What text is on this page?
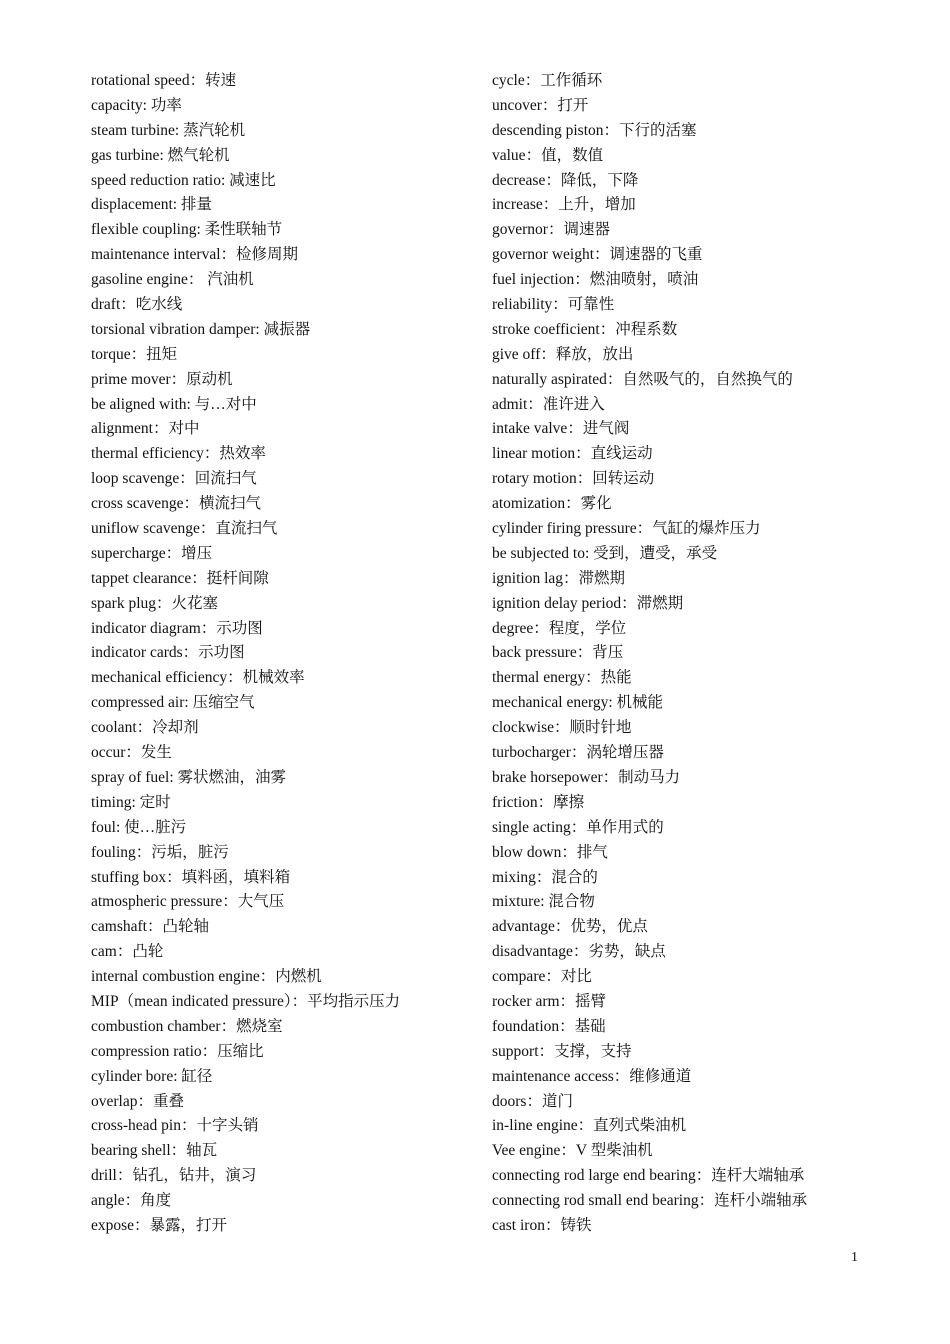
rotational speed：转速
capacity: 功率
steam turbine: 蒸汽轮机
gas turbine: 燃气轮机
speed reduction ratio: 减速比
displacement: 排量
flexible coupling: 柔性联轴节
maintenance interval：检修周期
gasoline engine： 汽油机
draft：吃水线
torsional vibration damper: 减振器
torque：扭矩
prime mover：原动机
be aligned with: 与…对中
alignment：对中
thermal efficiency：热效率
loop scavenge：回流扫气
cross scavenge：横流扫气
uniflow scavenge：直流扫气
supercharge：增压
tappet clearance：挺杆间隙
spark plug：火花塞
indicator diagram：示功图
indicator cards：示功图
mechanical efficiency：机械效率
compressed air: 压缩空气
coolant：冷却剂
occur：发生
spray of fuel: 雾状燃油，油雾
timing: 定时
foul: 使…脏污
fouling：污垢，脏污
stuffing box：填料函，填料箱
atmospheric pressure：大气压
camshaft：凸轮轴
cam：凸轮
internal combustion engine：内燃机
MIP（mean indicated pressure）：平均指示压力
combustion chamber：燃烧室
compression ratio：压缩比
cylinder bore: 缸径
overlap：重叠
cross-head pin：十字头销
bearing shell：轴瓦
drill：钻孔，钻井，演习
angle：角度
expose：暴露，打开
cycle：工作循环
uncover：打开
descending piston：下行的活塞
value：值，数值
decrease：降低，下降
increase：上升，增加
governor：调速器
governor weight：调速器的飞重
fuel injection：燃油喷射，喷油
reliability：可靠性
stroke coefficient：冲程系数
give off：释放，放出
naturally aspirated：自然吸气的，自然换气的
admit：准许进入
intake valve：进气阀
linear motion：直线运动
rotary motion：回转运动
atomization：雾化
cylinder firing pressure：气缸的爆炸压力
be subjected to: 受到，遭受，承受
ignition lag：滞燃期
ignition delay period：滞燃期
degree：程度，学位
back pressure：背压
thermal energy：热能
mechanical energy: 机械能
clockwise：顺时针地
turbocharger：涡轮增压器
brake horsepower：制动马力
friction：摩擦
single acting：单作用式的
blow down：排气
mixing：混合的
mixture: 混合物
advantage：优势，优点
disadvantage：劣势，缺点
compare：对比
rocker arm：摇臂
foundation：基础
support：支撑，支持
maintenance access：维修通道
doors：道门
in-line engine：直列式柴油机
Vee engine：V 型柴油机
connecting rod large end bearing：连杆大端轴承
connecting rod small end bearing：连杆小端轴承
cast iron：铸铁
1
